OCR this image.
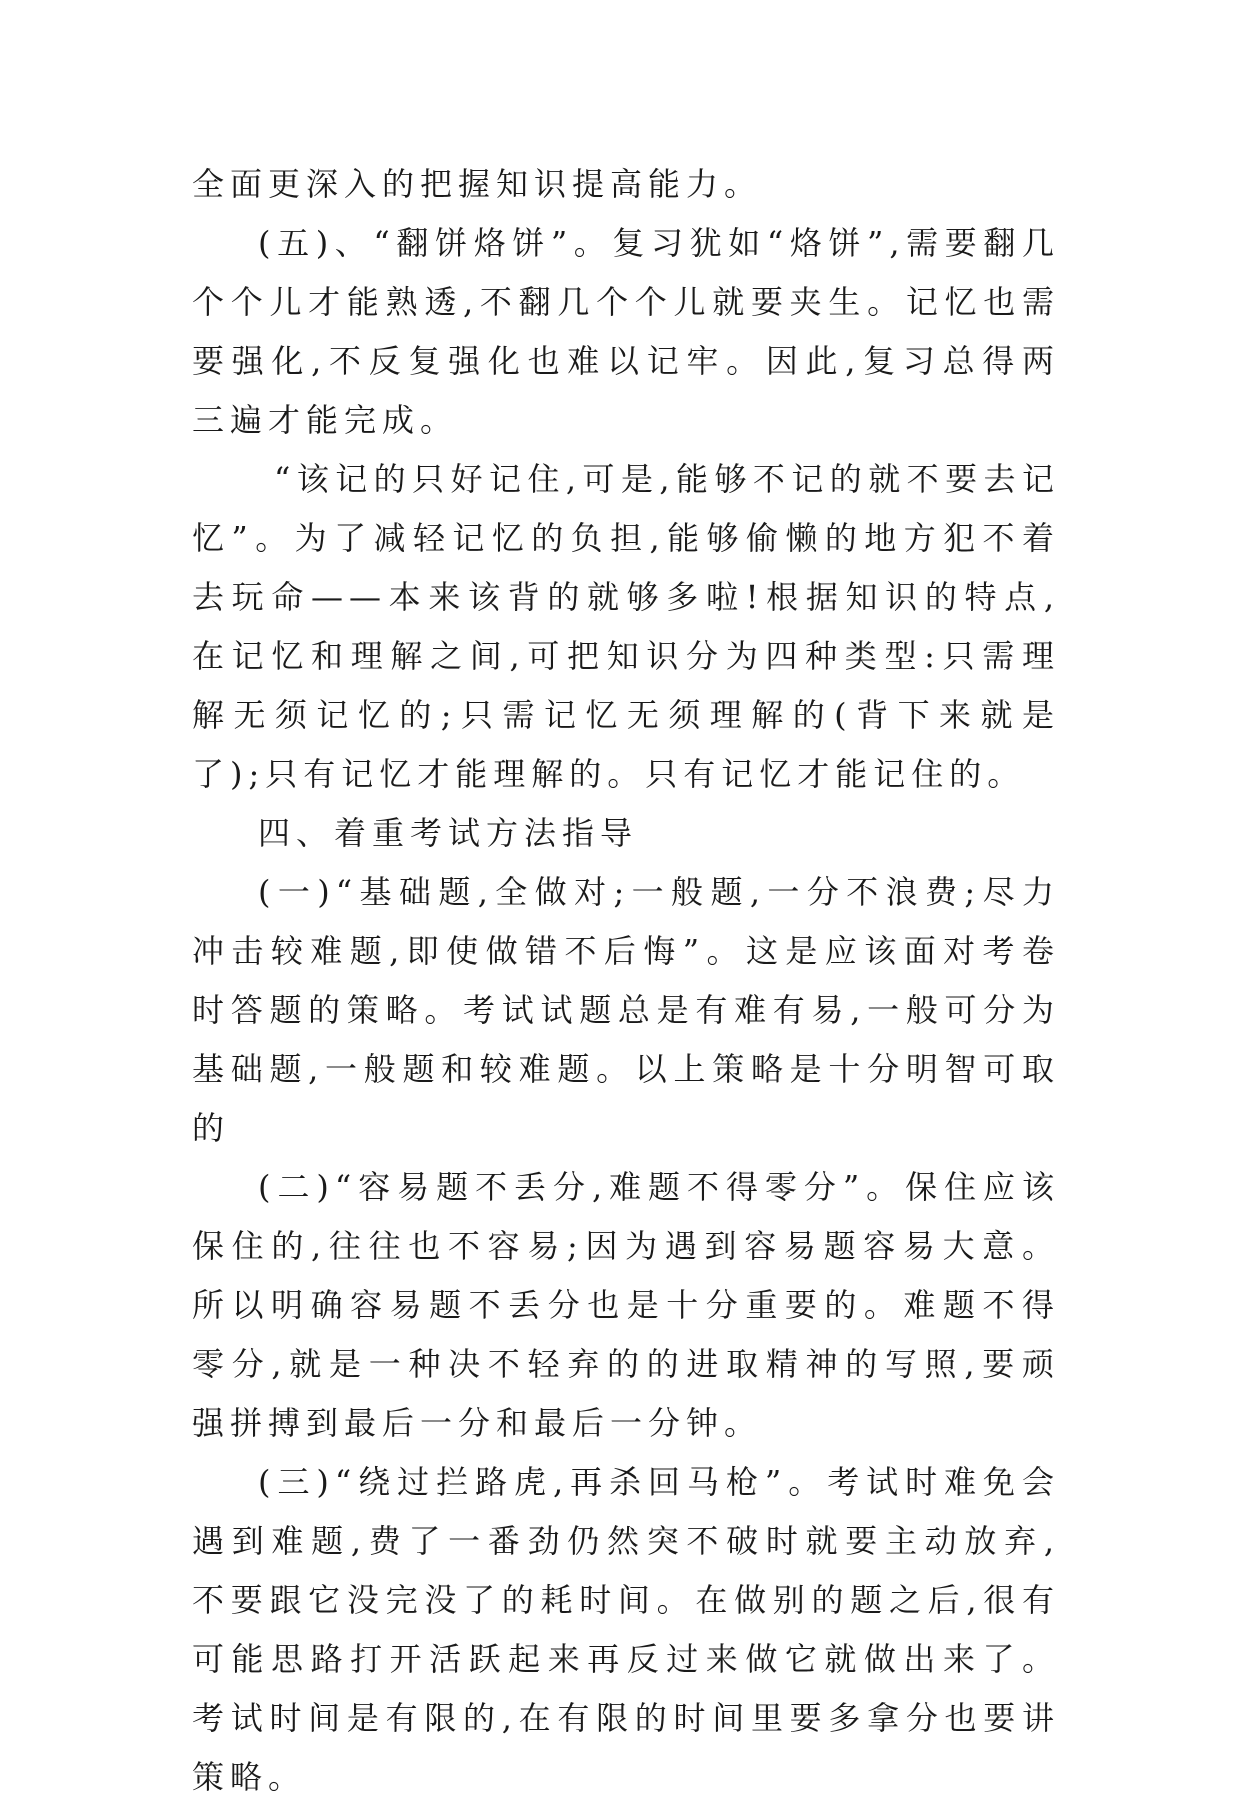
全面更深入的把握知识提高能力。

(五)、“翻饼烙饼”。复习犹如“烙饼”,需要翻几个个儿才能熟透,不翻几个个儿就要夹生。记忆也需要强化,不反复强化也难以记牢。因此,复习总得两三遍才能完成。

“该记的只好记住,可是,能够不记的就不要去记忆”。为了减轻记忆的负担,能够偷懒的地方犯不着去玩命——本来该背的就够多啦!根据知识的特点,在记忆和理解之间,可把知识分为四种类型:只需理解无须记忆的;只需记忆无须理解的(背下来就是了);只有记忆才能理解的。只有记忆才能记住的。

四、着重考试方法指导

(一)“基础题,全做对;一般题,一分不浪费;尽力冲击较难题,即使做错不后悔”。这是应该面对考卷时答题的策略。考试试题总是有难有易,一般可分为基础题,一般题和较难题。以上策略是十分明智可取的

(二)“容易题不丢分,难题不得零分”。保住应该保住的,往往也不容易;因为遇到容易题容易大意。所以明确容易题不丢分也是十分重要的。难题不得零分,就是一种决不轻弃的的进取精神的写照,要顽强拼搏到最后一分和最后一分钟。

(三)“绕过拦路虎,再杀回马枪”。考试时难免会遇到难题,费了一番劲仍然突不破时就要主动放弃,不要跟它没完没了的耗时间。在做别的题之后,很有可能思路打开活跃起来再反过来做它就做出来了。考试时间是有限的,在有限的时间里要多拿分也要讲策略。
